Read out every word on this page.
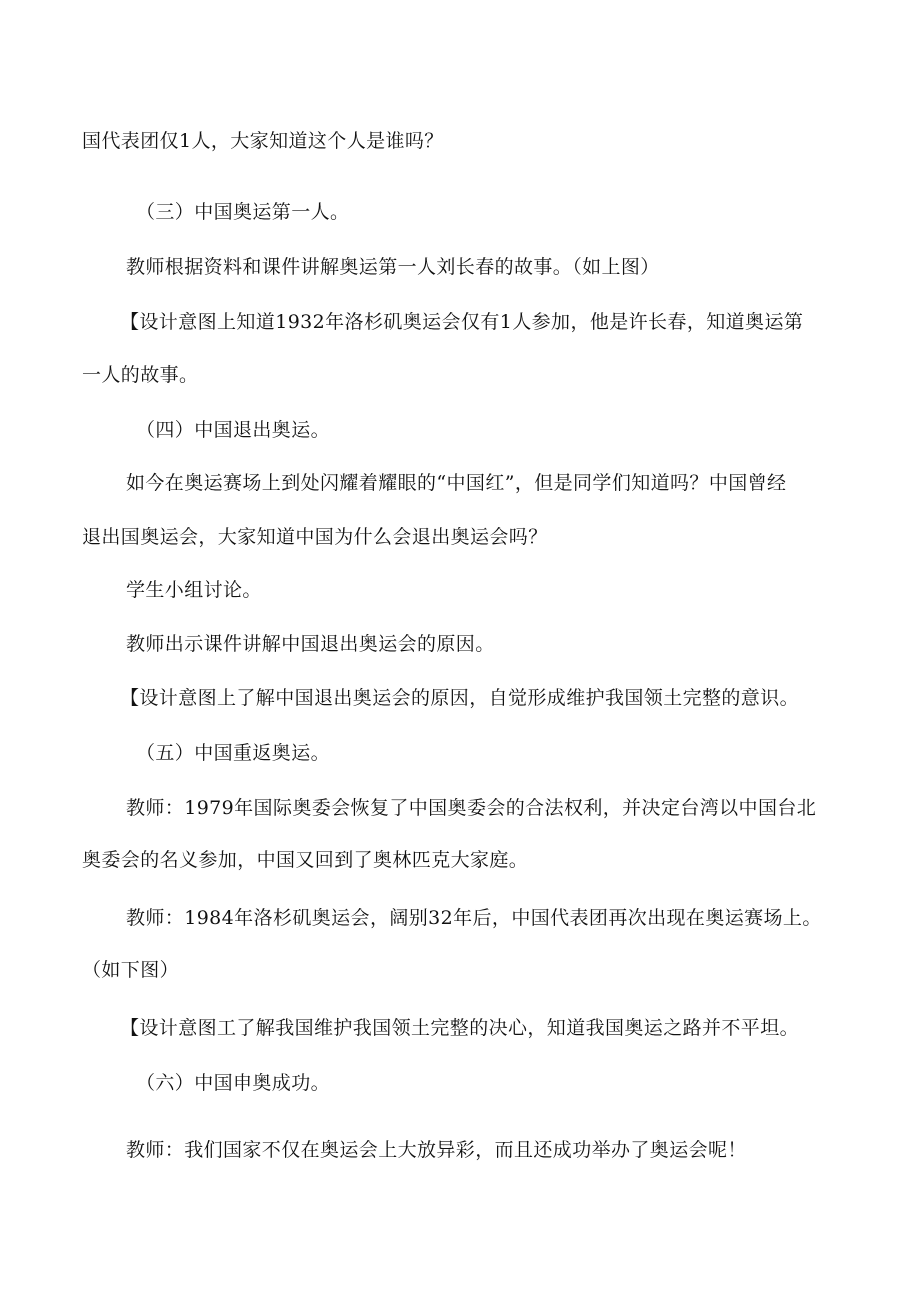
国代表团仅1人，大家知道这个人是谁吗？
（三）中国奥运第一人。
教师根据资料和课件讲解奥运第一人刘长春的故事。（如上图）
【设计意图上知道1932年洛杉矶奥运会仅有1人参加，他是许长春，知道奥运第
一人的故事。
（四）中国退出奥运。
如今在奥运赛场上到处闪耀着耀眼的“中国红”，但是同学们知道吗？中国曾经
退出国奥运会，大家知道中国为什么会退出奥运会吗？
学生小组讨论。
教师出示课件讲解中国退出奥运会的原因。
【设计意图上了解中国退出奥运会的原因，自觉形成维护我国领土完整的意识。
（五）中国重返奥运。
教师：1979年国际奥委会恢复了中国奥委会的合法权利，并决定台湾以中国台北
奥委会的名义参加，中国又回到了奥林匹克大家庭。
教师：1984年洛杉矶奥运会，阔别32年后，中国代表团再次出现在奥运赛场上。
（如下图）
【设计意图工了解我国维护我国领土完整的决心，知道我国奥运之路并不平坦。
（六）中国申奥成功。
教师：我们国家不仅在奥运会上大放异彩，而且还成功举办了奥运会呢！
